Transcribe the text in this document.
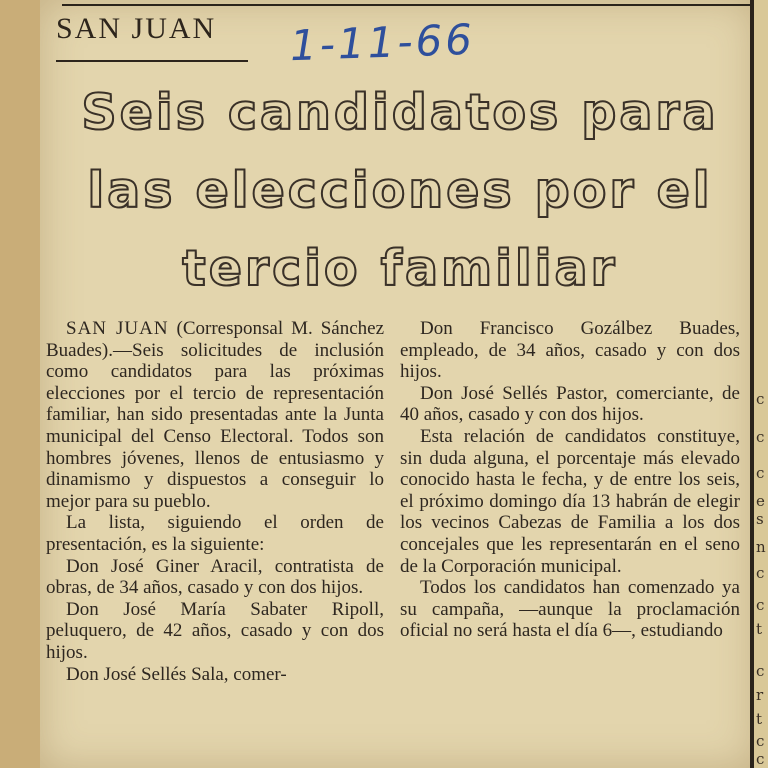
c
c
c
e
s
n
c
c
t
c
r
t
c
c
SAN JUAN 1-11-66
Seis candidatos para las elecciones por el tercio familiar

SAN JUAN (Corresponsal M. Sánchez Buades).—Seis solicitudes de inclusión como candidatos para las próximas elecciones por el tercio de representación familiar, han sido presentadas ante la Junta municipal del Censo Electoral. Todos son hombres jóvenes, llenos de entusiasmo y dinamismo y dispuestos a conseguir lo mejor para su pueblo.

La lista, siguiendo el orden de presentación, es la siguiente:

Don José Giner Aracil, contratista de obras, de 34 años, casado y con dos hijos.

Don José María Sabater Ripoll, peluquero, de 42 años, casado y con dos hijos.

Don José Sellés Sala, comer-

Don Francisco Gozálbez Buades, empleado, de 34 años, casado y con dos hijos.

Don José Sellés Pastor, comerciante, de 40 años, casado y con dos hijos.

Esta relación de candidatos constituye, sin duda alguna, el porcentaje más elevado conocido hasta le fecha, y de entre los seis, el próximo domingo día 13 habrán de elegir los vecinos Cabezas de Familia a los dos concejales que les representarán en el seno de la Corporación municipal.

Todos los candidatos han comenzado ya su campaña, —aunque la proclamación oficial no será hasta el día 6—, estudiando
